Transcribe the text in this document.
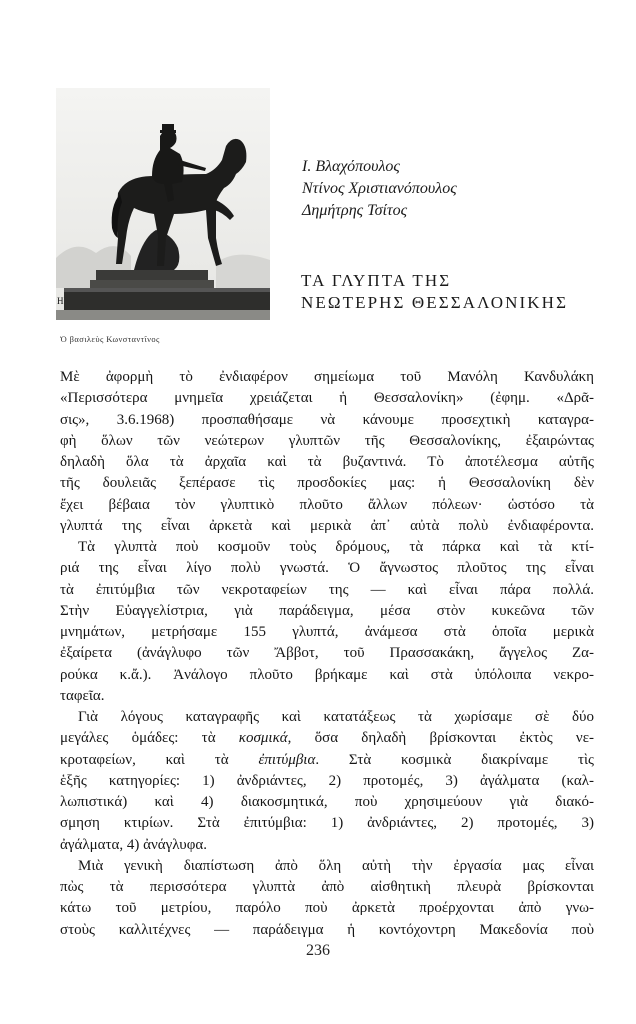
H
Ὁ βασιλεὺς Κωνσταντῖνος
Ι. Βλαχόπουλος
Ντίνος Χριστιανόπουλος
Δημήτρης Τσίτος
ΤΑ ΓΛΥΠΤΑ ΤΗΣ
ΝΕΩΤΕΡΗΣ ΘΕΣΣΑΛΟΝΙΚΗΣ
Μὲ ἀφορμὴ τὸ ἐνδιαφέρον σημείωμα τοῦ Μανόλη Κανδυλάκη
«Περισσότερα μνημεῖα χρειάζεται ἡ Θεσσαλονίκη» (ἐφημ. «Δρᾶ-
σις», 3.6.1968) προσπαθήσαμε νὰ κάνουμε προσεχτικὴ καταγρα-
φὴ ὅλων τῶν νεώτερων γλυπτῶν τῆς Θεσσαλονίκης, ἐξαιρώντας
δηλαδὴ ὅλα τὰ ἀρχαῖα καὶ τὰ βυζαντινά. Τὸ ἀποτέλεσμα αὐτῆς
τῆς δουλειᾶς ξεπέρασε τὶς προσδοκίες μας: ἡ Θεσσαλονίκη δὲν
ἔχει βέβαια τὸν γλυπτικὸ πλοῦτο ἄλλων πόλεων· ὡστόσο τὰ
γλυπτά της εἶναι ἀρκετὰ καὶ μερικὰ ἀπ᾿ αὐτὰ πολὺ ἐνδιαφέροντα.
Τὰ γλυπτὰ ποὺ κοσμοῦν τοὺς δρόμους, τὰ πάρκα καὶ τὰ κτί-
ριά της εἶναι λίγο πολὺ γνωστά. Ὁ ἄγνωστος πλοῦτος της εἶναι
τὰ ἐπιτύμβια τῶν νεκροταφείων της — καὶ εἶναι πάρα πολλά.
Στὴν Εὐαγγελίστρια, γιὰ παράδειγμα, μέσα στὸν κυκεῶνα τῶν
μνημάτων, μετρήσαμε 155 γλυπτά, ἀνάμεσα στὰ ὁποῖα μερικὰ
ἐξαίρετα (ἀνάγλυφο τῶν Ἄββοτ, τοῦ Πρασσακάκη, ἄγγελος Ζα-
ρούκα κ.ἄ.). Ἀνάλογο πλοῦτο βρήκαμε καὶ στὰ ὑπόλοιπα νεκρο-
ταφεῖα.
Γιὰ λόγους καταγραφῆς καὶ κατατάξεως τὰ χωρίσαμε σὲ δύο
μεγάλες ὁμάδες: τὰ κοσμικά, ὅσα δηλαδὴ βρίσκονται ἐκτὸς νε-
κροταφείων, καὶ τὰ ἐπιτύμβια. Στὰ κοσμικὰ διακρίναμε τὶς
ἑξῆς κατηγορίες: 1) ἀνδριάντες, 2) προτομές, 3) ἀγάλματα (καλ-
λωπιστικά) καὶ 4) διακοσμητικά, ποὺ χρησιμεύουν γιὰ διακό-
σμηση κτιρίων. Στὰ ἐπιτύμβια: 1) ἀνδριάντες, 2) προτομές, 3)
ἀγάλματα, 4) ἀνάγλυφα.
Μιὰ γενικὴ διαπίστωση ἀπὸ ὅλη αὐτὴ τὴν ἐργασία μας εἶναι
πὼς τὰ περισσότερα γλυπτὰ ἀπὸ αἰσθητικὴ πλευρὰ βρίσκονται
κάτω τοῦ μετρίου, παρόλο ποὺ ἀρκετὰ προέρχονται ἀπὸ γνω-
στοὺς καλλιτέχνες — παράδειγμα ἡ κοντόχοντρη Μακεδονία ποὺ
236
